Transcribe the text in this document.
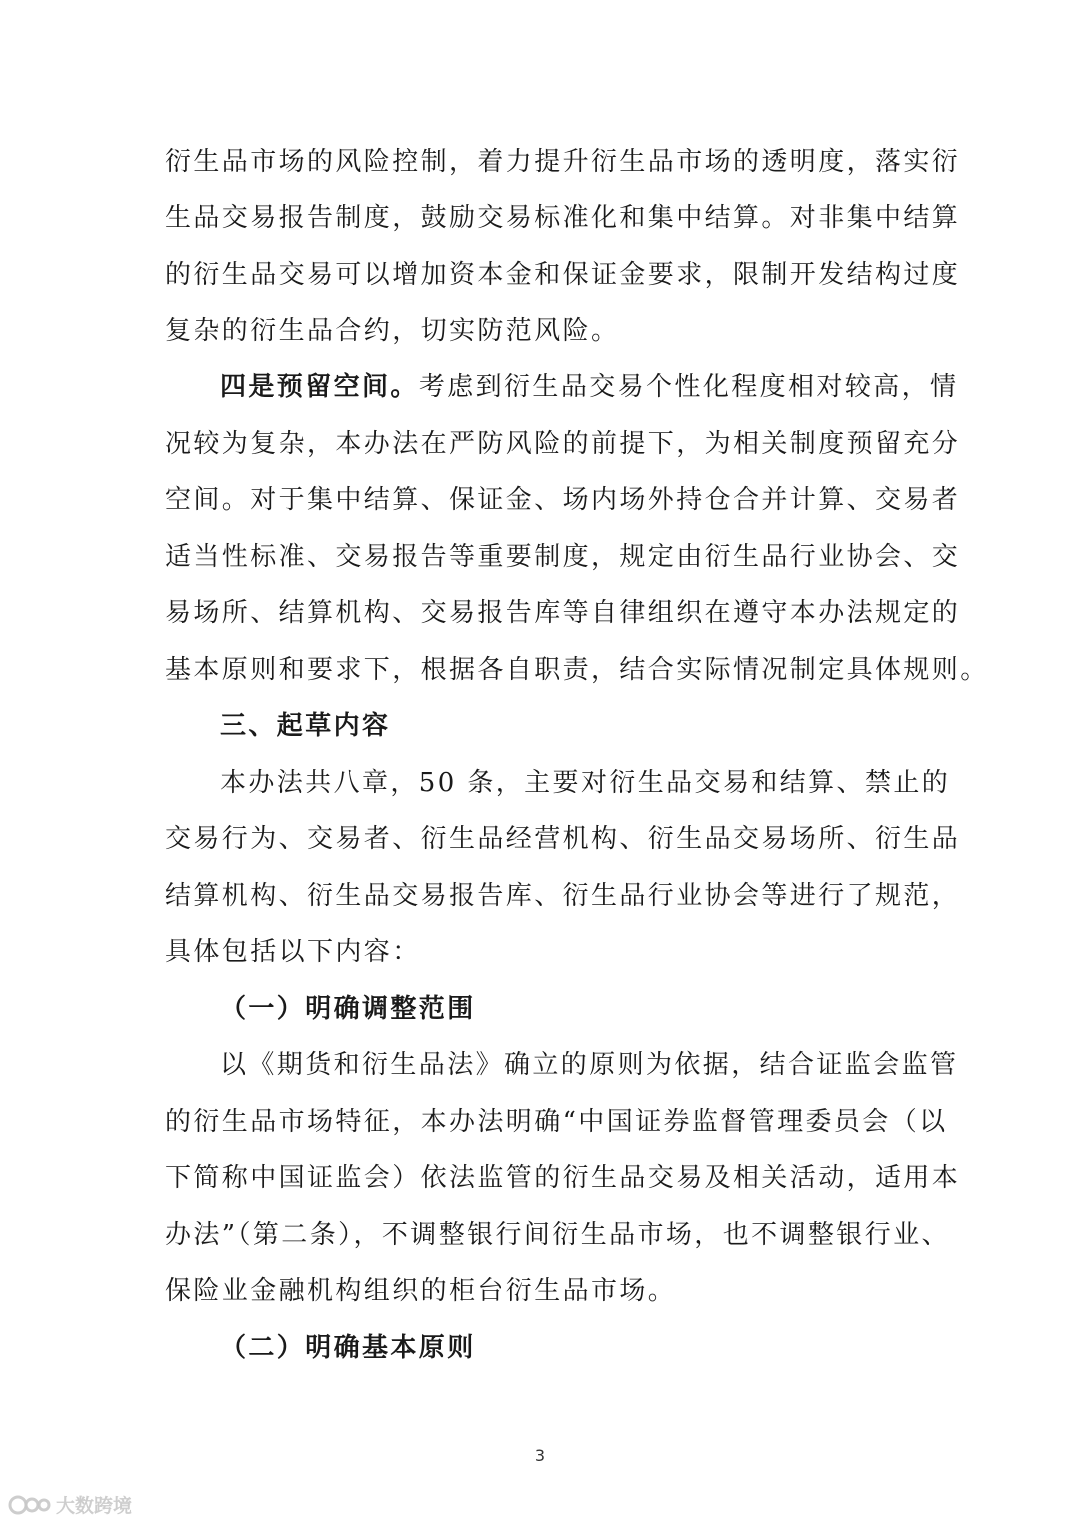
衍生品市场的风险控制，着力提升衍生品市场的透明度，落实衍
生品交易报告制度，鼓励交易标准化和集中结算。对非集中结算
的衍生品交易可以增加资本金和保证金要求，限制开发结构过度
复杂的衍生品合约，切实防范风险。
四是预留空间。考虑到衍生品交易个性化程度相对较高，情
况较为复杂，本办法在严防风险的前提下，为相关制度预留充分
空间。对于集中结算、保证金、场内场外持仓合并计算、交易者
适当性标准、交易报告等重要制度，规定由衍生品行业协会、交
易场所、结算机构、交易报告库等自律组织在遵守本办法规定的
基本原则和要求下，根据各自职责，结合实际情况制定具体规则。
三、起草内容
本办法共八章，50 条，主要对衍生品交易和结算、禁止的
交易行为、交易者、衍生品经营机构、衍生品交易场所、衍生品
结算机构、衍生品交易报告库、衍生品行业协会等进行了规范，
具体包括以下内容：
（一）明确调整范围
以《期货和衍生品法》确立的原则为依据，结合证监会监管
的衍生品市场特征，本办法明确“中国证券监督管理委员会（以
下简称中国证监会）依法监管的衍生品交易及相关活动，适用本
办法”（第二条），不调整银行间衍生品市场，也不调整银行业、
保险业金融机构组织的柜台衍生品市场。
（二）明确基本原则
3
大数跨境
